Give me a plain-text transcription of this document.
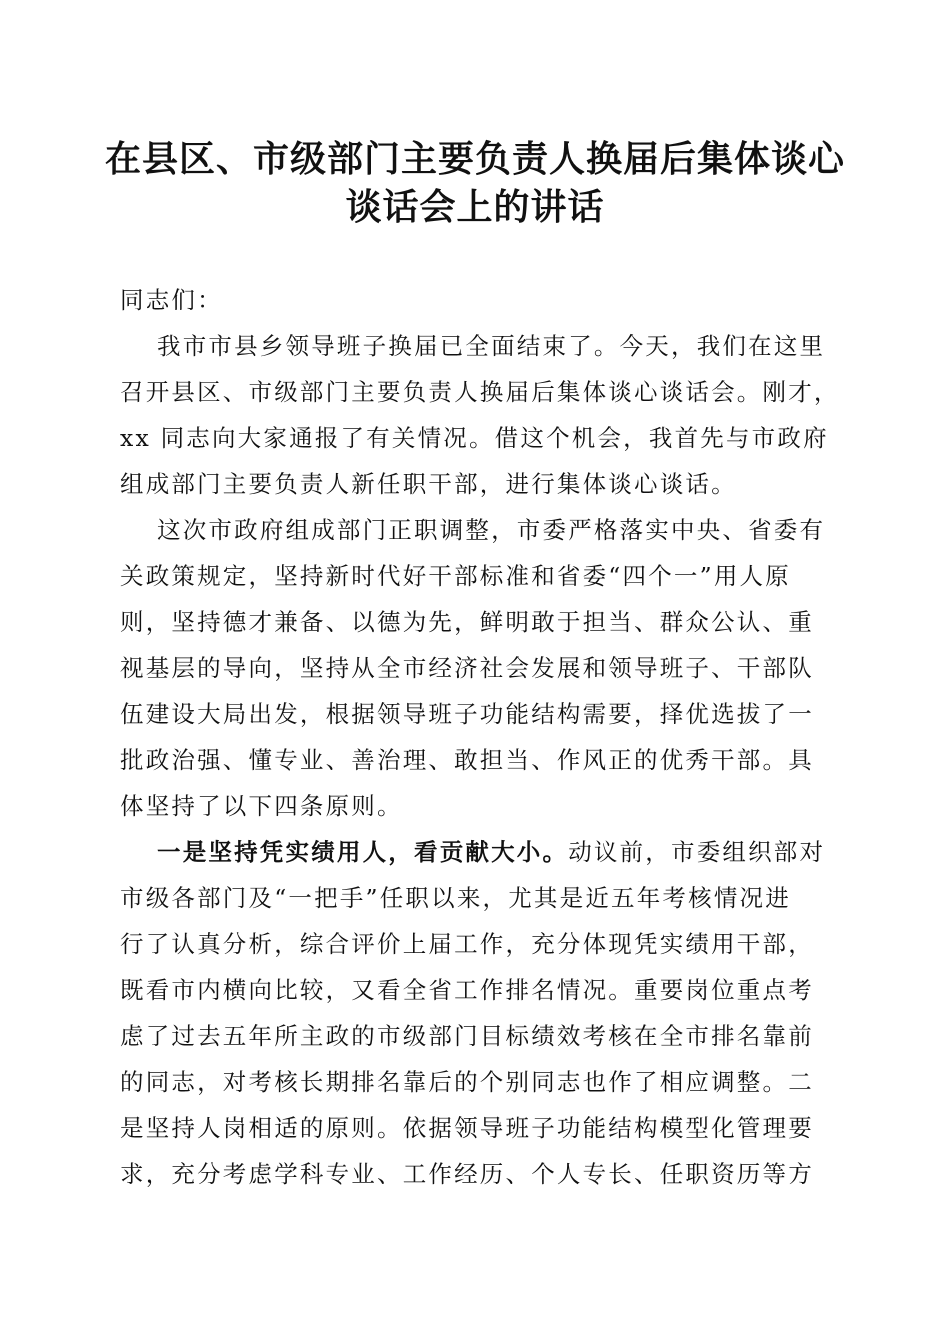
在县区、市级部门主要负责人换届后集体谈心
谈话会上的讲话
同志们：
我市市县乡领导班子换届已全面结束了。今天，我们在这里
召开县区、市级部门主要负责人换届后集体谈心谈话会。刚才，
xx 同志向大家通报了有关情况。借这个机会，我首先与市政府
组成部门主要负责人新任职干部，进行集体谈心谈话。
这次市政府组成部门正职调整，市委严格落实中央、省委有
关政策规定，坚持新时代好干部标准和省委“四个一”用人原
则，坚持德才兼备、以德为先，鲜明敢于担当、群众公认、重
视基层的导向，坚持从全市经济社会发展和领导班子、干部队
伍建设大局出发，根据领导班子功能结构需要，择优选拔了一
批政治强、懂专业、善治理、敢担当、作风正的优秀干部。具
体坚持了以下四条原则。
一是坚持凭实绩用人，看贡献大小。动议前，市委组织部对
市级各部门及“一把手”任职以来，尤其是近五年考核情况进
行了认真分析，综合评价上届工作，充分体现凭实绩用干部，
既看市内横向比较，又看全省工作排名情况。重要岗位重点考
虑了过去五年所主政的市级部门目标绩效考核在全市排名靠前
的同志，对考核长期排名靠后的个别同志也作了相应调整。二
是坚持人岗相适的原则。依据领导班子功能结构模型化管理要
求，充分考虑学科专业、工作经历、个人专长、任职资历等方
